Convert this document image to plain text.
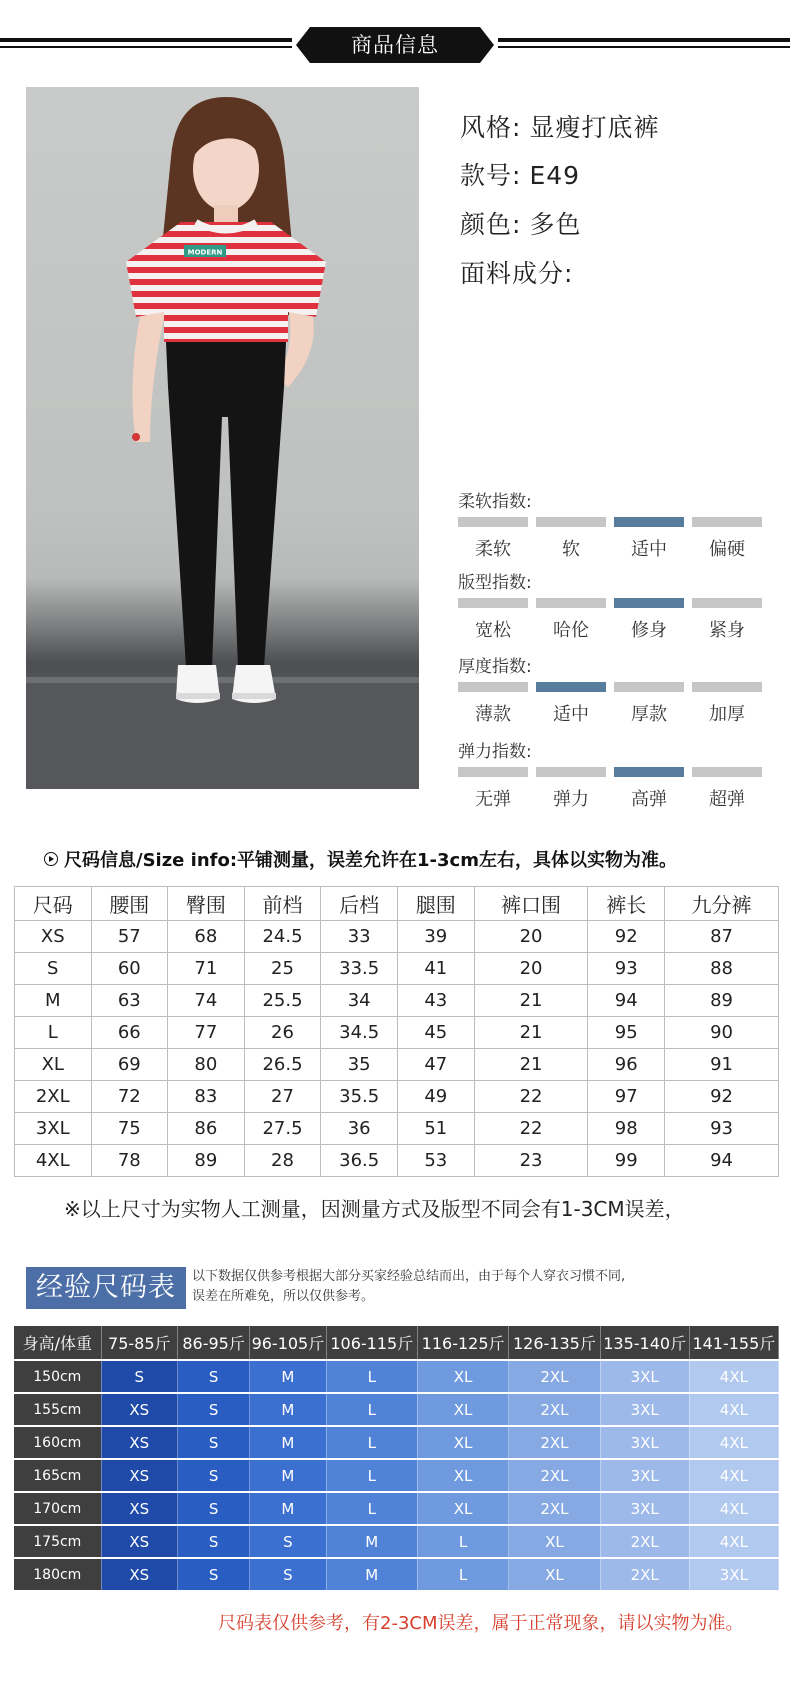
商品信息
MODERN
风格: 显瘦打底裤
款号: E49
颜色: 多色
面料成分:
柔软指数:
柔软	软	适中	偏硬
版型指数:
宽松	哈伦	修身	紧身
厚度指数:
薄款	适中	厚款	加厚
弹力指数:
无弹	弹力	高弹	超弹
尺码信息/Size info:平铺测量，误差允许在1-3cm左右，具体以实物为准。
尺码	腰围	臀围	前档	后档	腿围	裤口围	裤长	九分裤
XS	57	68	24.5	33	39	20	92	87
S	60	71	25	33.5	41	20	93	88
M	63	74	25.5	34	43	21	94	89
L	66	77	26	34.5	45	21	95	90
XL	69	80	26.5	35	47	21	96	91
2XL	72	83	27	35.5	49	22	97	92
3XL	75	86	27.5	36	51	22	98	93
4XL	78	89	28	36.5	53	23	99	94
※以上尺寸为实物人工测量，因测量方式及版型不同会有1-3CM误差，
经验尺码表	以下数据仅供参考根据大部分买家经验总结而出，由于每个人穿衣习惯不同,
误差在所难免，所以仅供参考。
身高/体重	75-85斤	86-95斤	96-105斤	106-115斤	116-125斤	126-135斤	135-140斤	141-155斤
150cm	S	S	M	L	XL	2XL	3XL	4XL
155cm	XS	S	M	L	XL	2XL	3XL	4XL
160cm	XS	S	M	L	XL	2XL	3XL	4XL
165cm	XS	S	M	L	XL	2XL	3XL	4XL
170cm	XS	S	M	L	XL	2XL	3XL	4XL
175cm	XS	S	S	M	L	XL	2XL	4XL
180cm	XS	S	S	M	L	XL	2XL	3XL
尺码表仅供参考，有2-3CM误差，属于正常现象，请以实物为准。
